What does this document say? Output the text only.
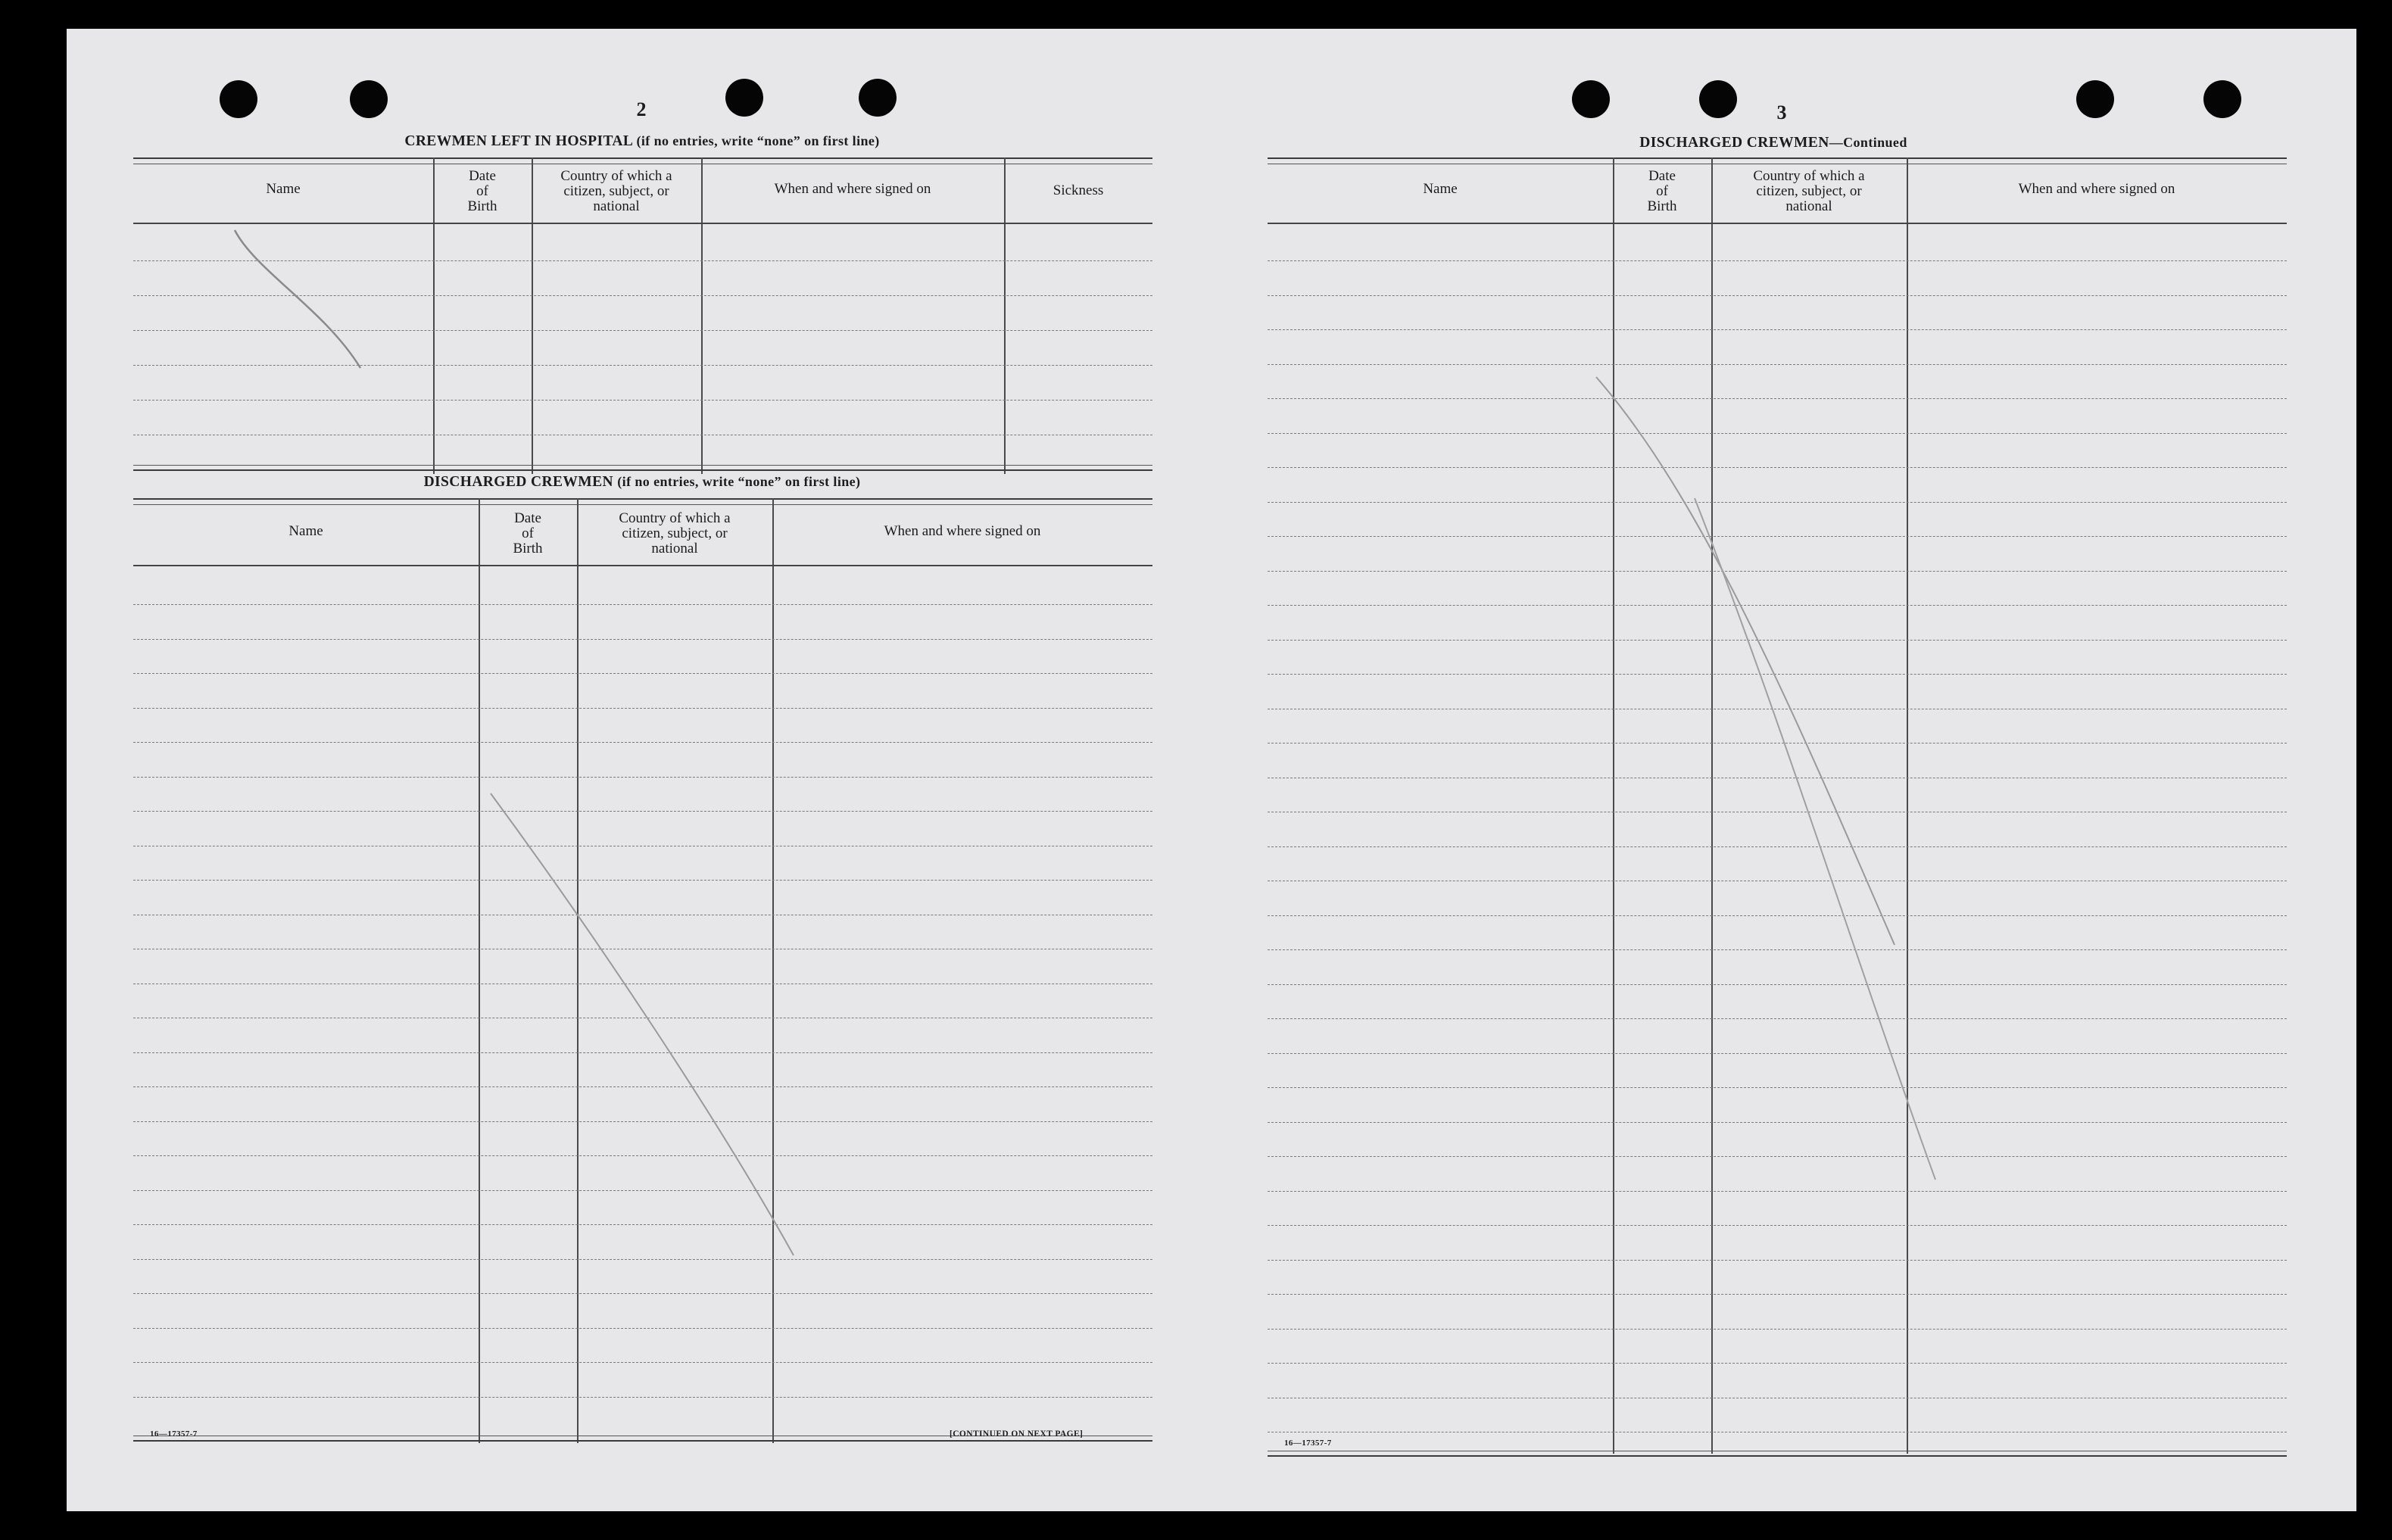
2
CREWMEN LEFT IN HOSPITAL (if no entries, write “none” on first line)
Name
Date
of
Birth
Country of which a
citizen, subject, or
national
When and where signed on	Sickness
DISCHARGED CREWMEN (if no entries, write “none” on first line)
Name
Date
of
Birth
Country of which a
citizen, subject, or
national
When and where signed on
16—17357-7	[CONTINUED ON NEXT PAGE]
3
DISCHARGED CREWMEN—Continued
Name
Date
of
Birth
Country of which a
citizen, subject, or
national
When and where signed on
16—17357-7
